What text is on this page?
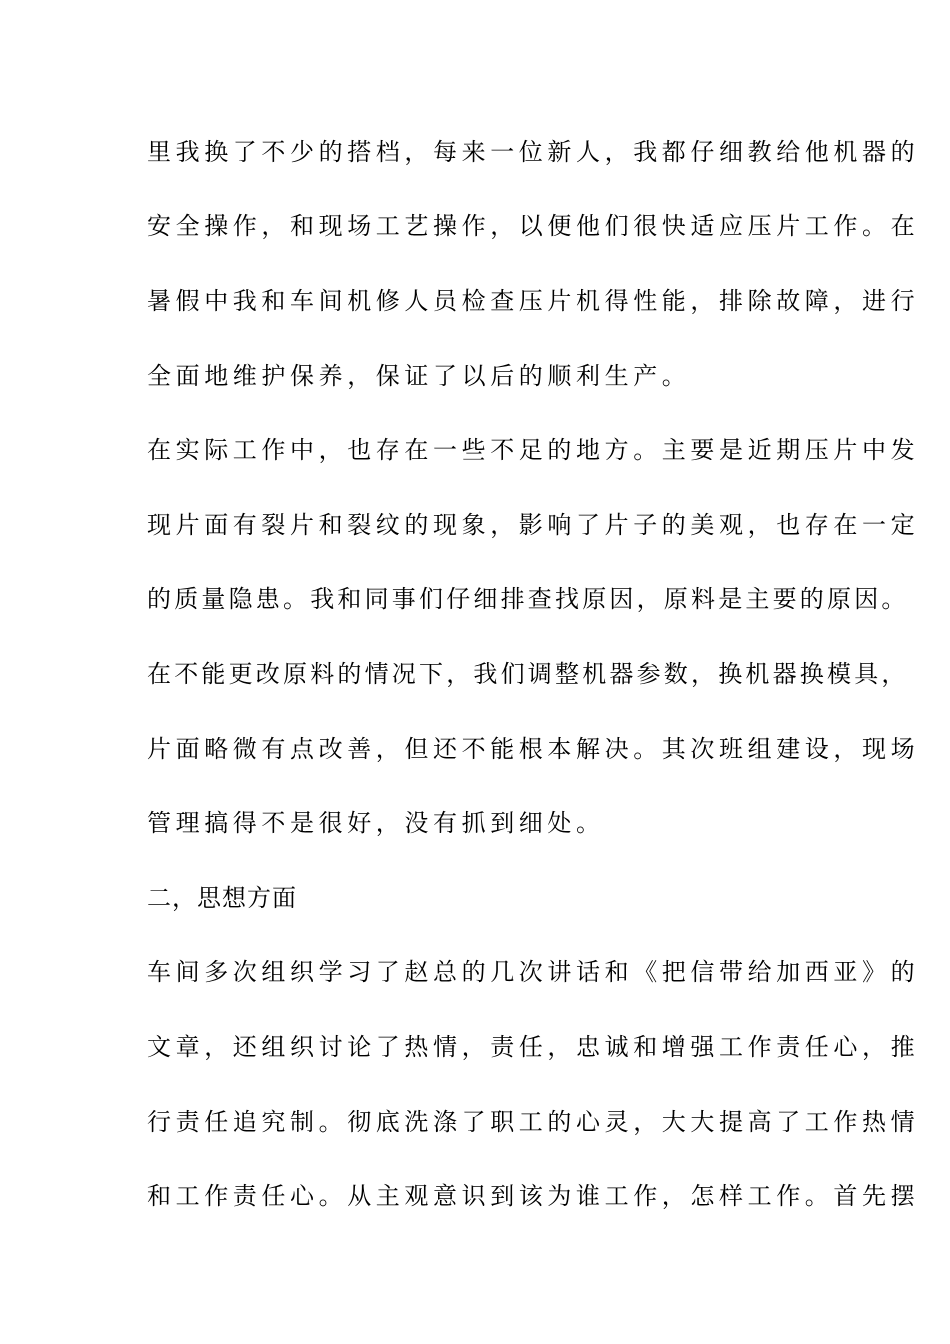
里我换了不少的搭档，每来一位新人，我都仔细教给他机器的
安全操作，和现场工艺操作，以便他们很快适应压片工作。在
暑假中我和车间机修人员检查压片机得性能，排除故障，进行
全面地维护保养，保证了以后的顺利生产。
在实际工作中，也存在一些不足的地方。主要是近期压片中发
现片面有裂片和裂纹的现象，影响了片子的美观，也存在一定
的质量隐患。我和同事们仔细排查找原因，原料是主要的原因。
在不能更改原料的情况下，我们调整机器参数，换机器换模具，
片面略微有点改善，但还不能根本解决。其次班组建设，现场
管理搞得不是很好，没有抓到细处。
二，思想方面
车间多次组织学习了赵总的几次讲话和《把信带给加西亚》的
文章，还组织讨论了热情，责任，忠诚和增强工作责任心，推
行责任追究制。彻底洗涤了职工的心灵，大大提高了工作热情
和工作责任心。从主观意识到该为谁工作，怎样工作。首先摆
